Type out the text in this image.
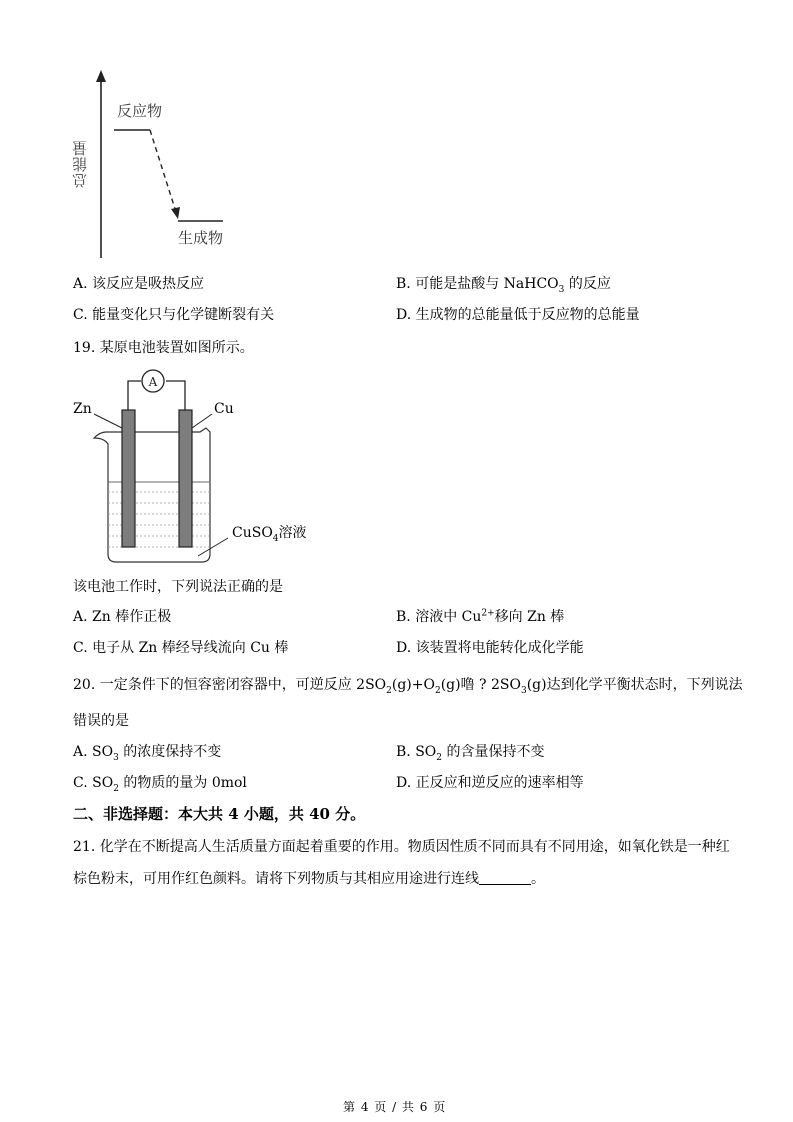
A
总能量
反应物
生成物
A. 该反应是吸热反应	B. 可能是盐酸与 NaHCO$_3$ 的反应
C. 能量变化只与化学键断裂有关	D. 生成物的总能量低于反应物的总能量
19. 某原电池装置如图所示。
Zn	Cu
CuSO$_4$溶液
该电池工作时，下列说法正确的是
A. Zn 棒作正极	B. 溶液中 $Cu^{2+}$移向 Zn 棒
C. 电子从 Zn 棒经导线流向 Cu 棒	D. 该装置将电能转化成化学能
20. 一定条件下的恒容密闭容器中，可逆反应 $2SO_2(g)+O_2(g)$噜 ? $2SO_3(g)$达到化学平衡状态时，下列说法
错误的是
A. $SO_3$ 的浓度保持不变	B. $SO_2$ 的含量保持不变
C. $SO_2$ 的物质的量为 0mol	D. 正反应和逆反应的速率相等
二、非选择题：本大共 4 小题，共 40 分。
21. 化学在不断提高人生活质量方面起着重要的作用。物质因性质不同而具有不同用途，如氧化铁是一种红
棕色粉末，可用作红色颜料。请将下列物质与其相应用途进行连线	。
第 4 页 / 共 6 页
